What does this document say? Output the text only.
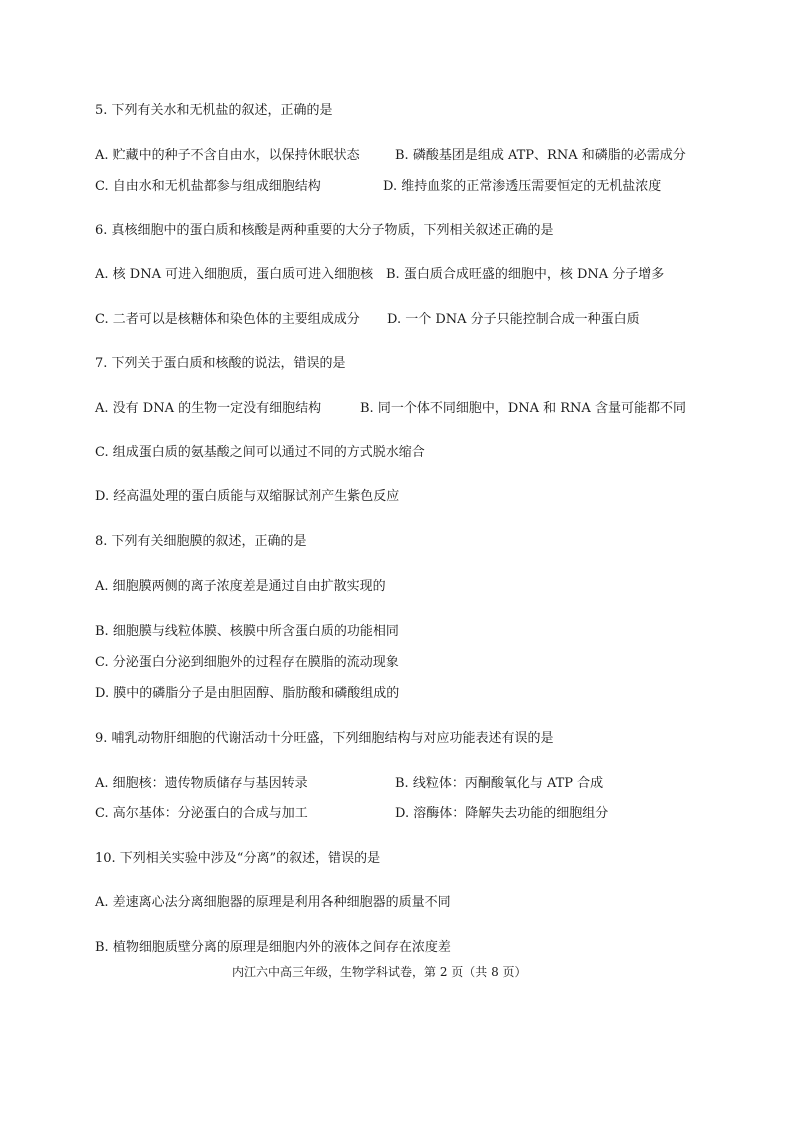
5. 下列有关水和无机盐的叙述，正确的是
A. 贮藏中的种子不含自由水，以保持休眠状态	B. 磷酸基团是组成 ATP、RNA 和磷脂的必需成分
C. 自由水和无机盐都参与组成细胞结构	D. 维持血浆的正常渗透压需要恒定的无机盐浓度
6. 真核细胞中的蛋白质和核酸是两种重要的大分子物质，下列相关叙述正确的是
A. 核 DNA 可进入细胞质，蛋白质可进入细胞核 B. 蛋白质合成旺盛的细胞中，核 DNA 分子增多
C. 二者可以是核糖体和染色体的主要组成成分 D. 一个 DNA 分子只能控制合成一种蛋白质
7. 下列关于蛋白质和核酸的说法，错误的是
A. 没有 DNA 的生物一定没有细胞结构	B. 同一个体不同细胞中，DNA 和 RNA 含量可能都不同
C. 组成蛋白质的氨基酸之间可以通过不同的方式脱水缩合
D. 经高温处理的蛋白质能与双缩脲试剂产生紫色反应
8. 下列有关细胞膜的叙述，正确的是
A. 细胞膜两侧的离子浓度差是通过自由扩散实现的
B. 细胞膜与线粒体膜、核膜中所含蛋白质的功能相同
C. 分泌蛋白分泌到细胞外的过程存在膜脂的流动现象
D. 膜中的磷脂分子是由胆固醇、脂肪酸和磷酸组成的
9. 哺乳动物肝细胞的代谢活动十分旺盛，下列细胞结构与对应功能表述有误的是
A. 细胞核：遗传物质储存与基因转录	B. 线粒体：丙酮酸氧化与 ATP 合成
C. 高尔基体：分泌蛋白的合成与加工	D. 溶酶体：降解失去功能的细胞组分
10. 下列相关实验中涉及“分离”的叙述，错误的是
A. 差速离心法分离细胞器的原理是利用各种细胞器的质量不同
B. 植物细胞质壁分离的原理是细胞内外的液体之间存在浓度差
内江六中高三年级，生物学科试卷，第 2 页（共 8 页）
